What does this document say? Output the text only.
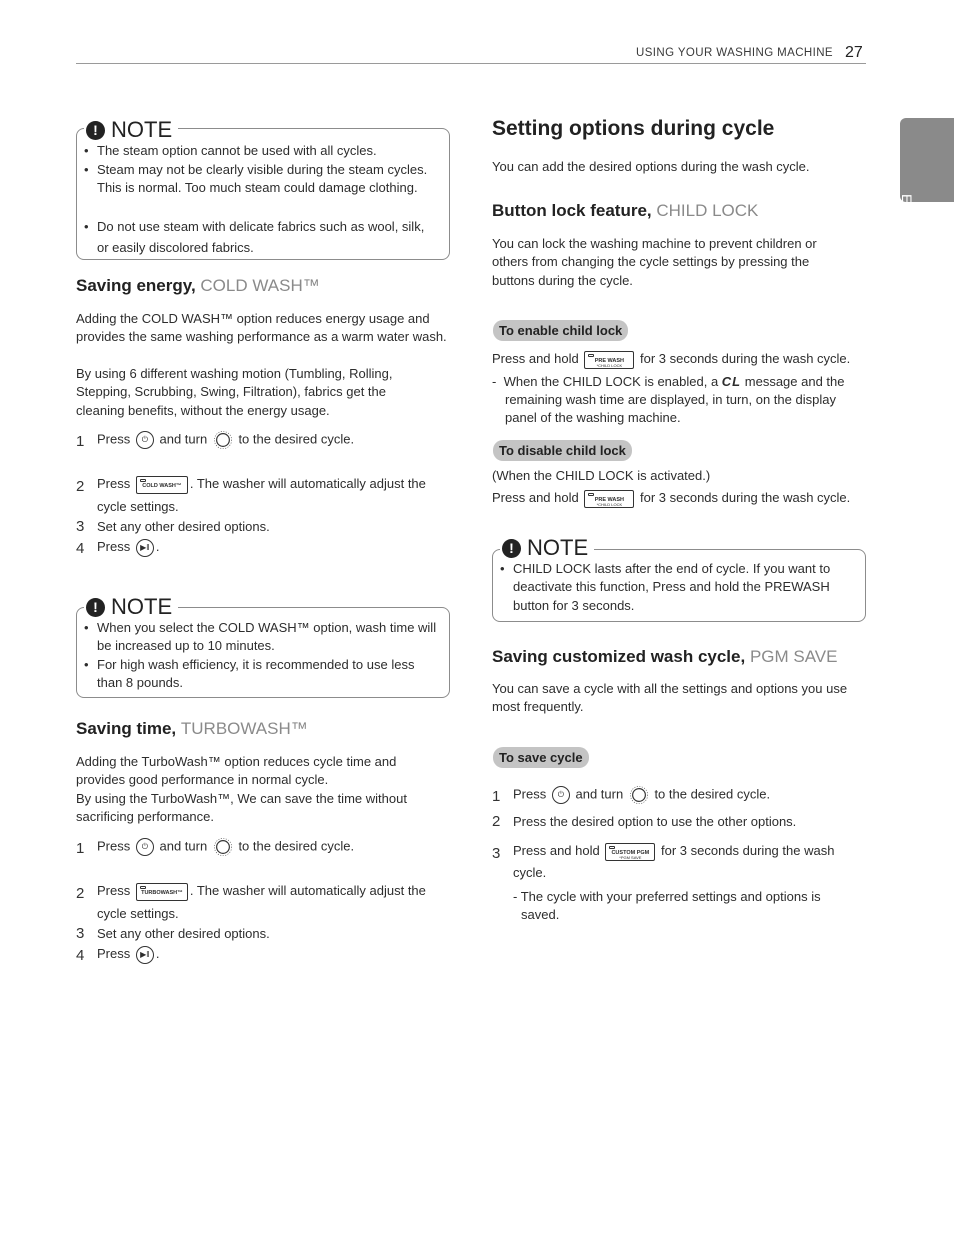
USING YOUR WASHING MACHINE 27
ENGLISH
! NOTE
• The steam option cannot be used with all cycles.
• Steam may not be clearly visible during the steam cycles. This is normal. Too much steam could damage clothing.
• Do not use steam with delicate fabrics such as wool, silk, or easily discolored fabrics.
Saving energy, COLD WASH™
Adding the COLD WASH™ option reduces energy usage and provides the same washing performance as a warm water wash.
By using 6 different washing motion (Tumbling, Rolling, Stepping, Scrubbing, Swing, Filtration), fabrics get the cleaning benefits, without the energy usage.
1 Press ⏻ and turn to the desired cycle.
2 Press	COLD WASH™ . The washer will automatically adjust the
cycle settings.
3 Set any other desired options.
4 Press ▶‖ .
! NOTE
• When you select the COLD WASH™ option, wash time will be increased up to 10 minutes.
• For high wash efficiency, it is recommended to use less than 8 pounds.
Saving time, TURBOWASH™
Adding the TurboWash™ option reduces cycle time and provides good performance in normal cycle.
By using the TurboWash™, We can save the time without sacrificing performance.
1 Press ⏻ and turn to the desired cycle.
2 Press	TURBOWASH™ . The washer will automatically adjust the
cycle settings.
3 Set any other desired options.
4 Press ▶‖ .
Setting options during cycle
You can add the desired options during the wash cycle.
Button lock feature, CHILD LOCK
You can lock the washing machine to prevent children or others from changing the cycle settings by pressing the buttons during the cycle.
To enable child lock
Press and hold	PRE WASH
*CHILD LOCK	for 3 seconds during the wash cycle.
-  When the CHILD LOCK is enabled, a CL message and the
remaining wash time are displayed, in turn, on the display panel of the washing machine.
To disable child lock
(When the CHILD LOCK is activated.)
Press and hold	PRE WASH
*CHILD LOCK	for 3 seconds during the wash cycle.
! NOTE
• CHILD LOCK lasts after the end of cycle. If you want to deactivate this function, Press and hold the PREWASH button for 3 seconds.
Saving customized wash cycle, PGM SAVE
You can save a cycle with all the settings and options you use most frequently.
To save cycle
1 Press ⏻ and turn to the desired cycle.
2 Press the desired option to use the other options.
3 Press and hold	CUSTOM PGM
*PGM SAVE	for 3 seconds during the wash
cycle.
- The cycle with your preferred settings and options is saved.
